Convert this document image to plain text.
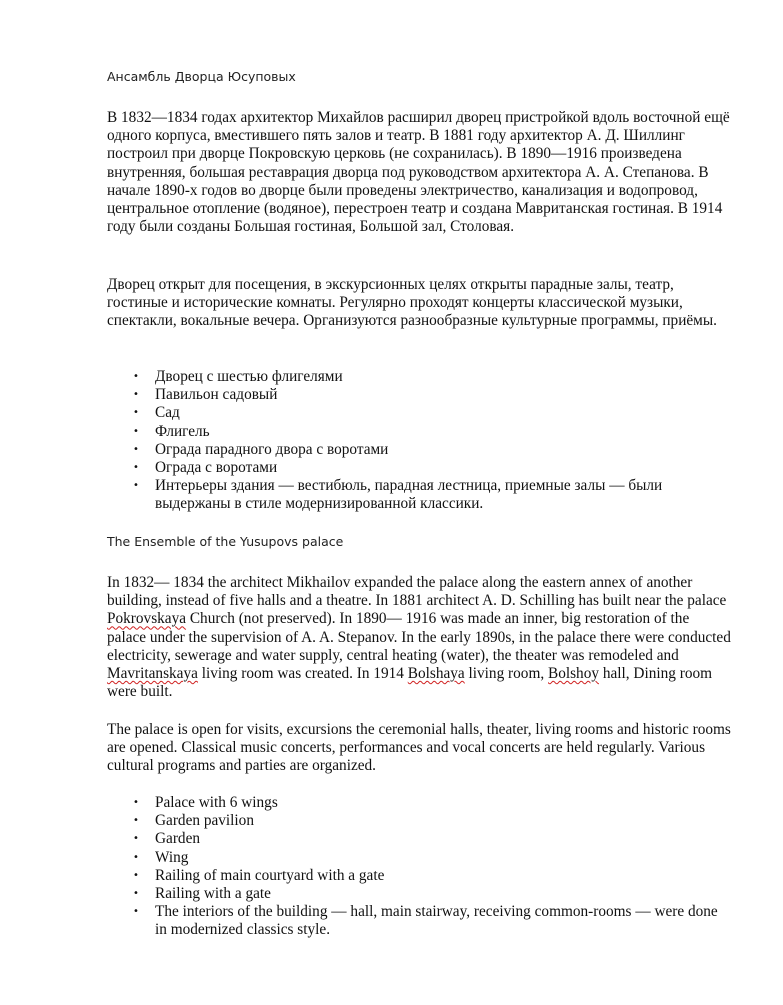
Ансамбль Дворца Юсуповых

В 1832—1834 годах архитектор Михайлов расширил дворец пристройкой вдоль восточной ещё одного корпуса, вместившего пять залов и театр. В 1881 году архитектор А. Д. Шиллинг построил при дворце Покровскую церковь (не сохранилась). В 1890—1916 произведена внутренняя, большая реставрация дворца под руководством архитектора А. А. Степанова. В начале 1890-х годов во дворце были проведены электричество, канализация и водопровод, центральное отопление (водяное), перестроен театр и создана Мавританская гостиная. В 1914 году были созданы Большая гостиная, Большой зал, Столовая.

Дворец открыт для посещения, в экскурсионных целях открыты парадные залы, театр, гостиные и исторические комнаты. Регулярно проходят концерты классической музыки, спектакли, вокальные вечера. Организуются разнообразные культурные программы, приёмы.

• Дворец с шестью флигелями
• Павильон садовый
• Сад
• Флигель
• Ограда парадного двора с воротами
• Ограда с воротами
• Интерьеры здания — вестибюль, парадная лестница, приемные залы — были выдержаны в стиле модернизированной классики.
The Ensemble of the Yusupovs palace

In 1832— 1834 the architect Mikhailov expanded the palace along the eastern annex of another building, instead of five halls and a theatre. In 1881 architect A. D. Schilling has built near the palace Pokrovskaya Church (not preserved). In 1890— 1916 was made an inner, big restoration of the palace under the supervision of A. A. Stepanov. In the early 1890s, in the palace there were conducted electricity, sewerage and water supply, central heating (water), the theater was remodeled and Mavritanskaya living room was created. In 1914 Bolshaya living room, Bolshoy hall, Dining room were built.

The palace is open for visits, excursions the ceremonial halls, theater, living rooms and historic rooms are opened. Classical music concerts, performances and vocal concerts are held regularly. Various cultural programs and parties are organized.

• Palace with 6 wings
• Garden pavilion
• Garden
• Wing
• Railing of main courtyard with a gate
• Railing with a gate
• The interiors of the building — hall, main stairway, receiving common-rooms — were done in modernized classics style.
